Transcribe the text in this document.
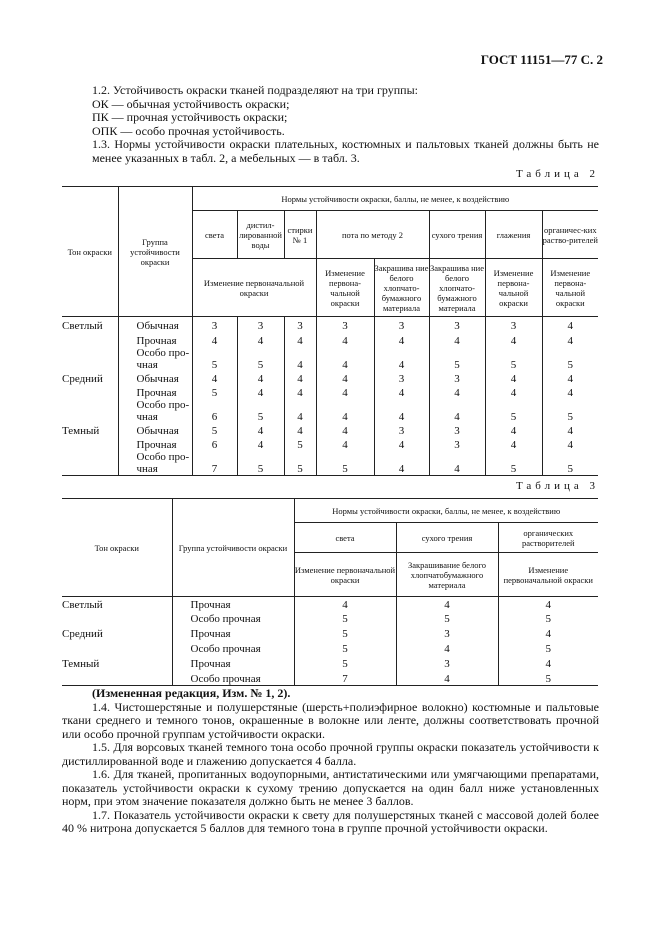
ГОСТ 11151—77 С. 2
1.2. Устойчивость окраски тканей подразделяют на три группы:
ОК — обычная устойчивость окраски;
ПК — прочная устойчивость окраски;
ОПК — особо прочная устойчивость.
1.3. Нормы устойчивости окраски плательных, костюмных и пальтовых тканей должны быть не менее указанных в табл. 2, а мебельных — в табл. 3.
Таблица 2
Тон окраски	Группа устойчивости окраски	Нормы устойчивости окраски, баллы, не менее, к воздействию							
		света	дистил-лированной воды	стирки № 1	пота по методу 2		сухого трения	глажения	органичес-ких раство-рителей
		Изменение первоначальной окраски			Изменение первона-чальной окраски	Закрашива ние белого хлопчато-бумажного материала	Закрашива ние белого хлопчато-бумажного материала	Изменение первона-чальной окраски	Изменение первона-чальной окраски
Светлый	Обычная	3	3	3	3	3	3	3	4
	Прочная	4	4	4	4	4	4	4	4
	Особо про-								
	чная	5	5	4	4	4	5	5	5
Средний	Обычная	4	4	4	4	3	3	4	4
	Прочная	5	4	4	4	4	4	4	4
	Особо про-								
	чная	6	5	4	4	4	4	5	5
Темный	Обычная	5	4	4	4	3	3	4	4
	Прочная	6	4	5	4	4	3	4	4
	Особо про-								
	чная	7	5	5	5	4	4	5	5
Таблица 3
Тон окраски	Группа устойчивости окраски	Нормы устойчивости окраски, баллы, не менее, к воздействию		
		света	сухого трения	органических растворителей
		Изменение первоначальной окраски	Закрашивание белого хлопчатобумажного материала	Изменение первоначальной окраски
Светлый	Прочная	4	4	4
	Особо прочная	5	5	5
Средний	Прочная	5	3	4
	Особо прочная	5	4	5
Темный	Прочная	5	3	4
	Особо прочная	7	4	5
(Измененная редакция, Изм. № 1, 2).
1.4. Чистошерстяные и полушерстяные (шерсть+полиэфирное волокно) костюмные и пальтовые ткани среднего и темного тонов, окрашенные в волокне или ленте, должны соответствовать прочной или особо прочной группам устойчивости окраски.
1.5. Для ворсовых тканей темного тона особо прочной группы окраски показатель устойчивости к дистиллированной воде и глажению допускается 4 балла.
1.6. Для тканей, пропитанных водоупорными, антистатическими или умягчающими препаратами, показатель устойчивости окраски к сухому трению допускается на один балл ниже установленных норм, при этом значение показателя должно быть не менее 3 баллов.
1.7. Показатель устойчивости окраски к свету для полушерстяных тканей с массовой долей более 40 % нитрона допускается 5 баллов для темного тона в группе прочной устойчивости окраски.
